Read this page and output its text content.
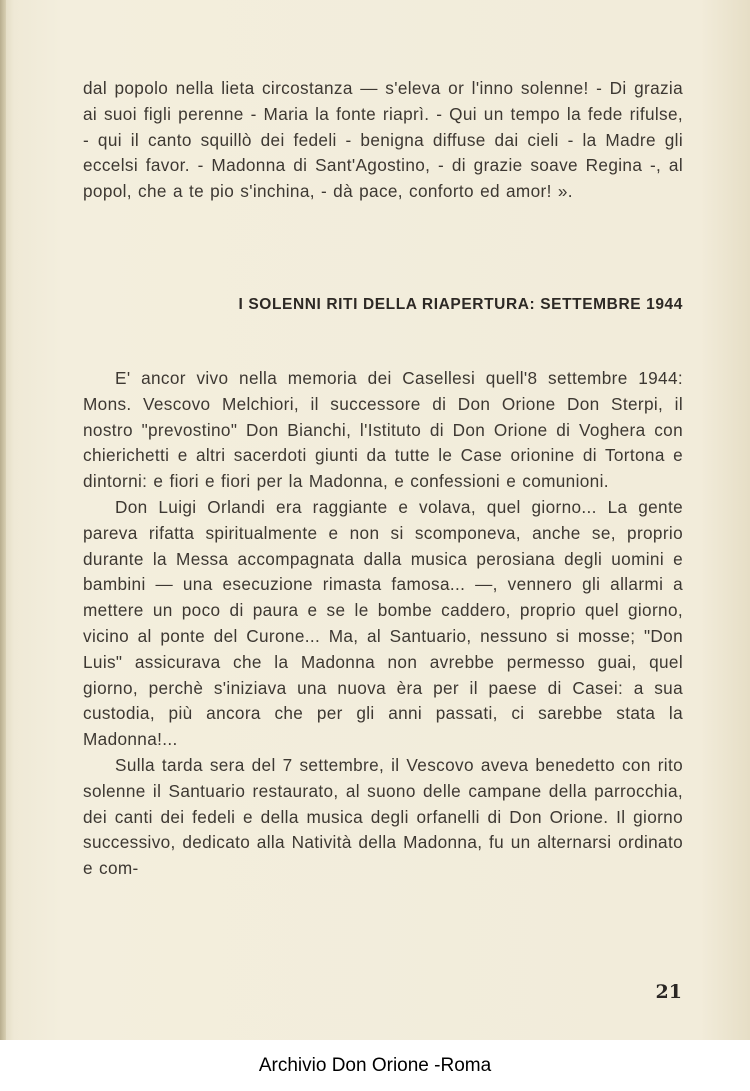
dal popolo nella lieta circostanza — s'eleva or l'inno solenne! - Di grazia ai suoi figli perenne - Maria la fonte riaprì. - Qui un tempo la fede rifulse, - qui il canto squillò dei fedeli - benigna diffuse dai cieli - la Madre gli eccelsi favor. - Madonna di Sant'Agostino, - di grazie soave Regina -, al popol, che a te pio s'inchina, - dà pace, conforto ed amor! ».

I SOLENNI RITI DELLA RIAPERTURA: SETTEMBRE 1944

E' ancor vivo nella memoria dei Casellesi quell'8 settembre 1944: Mons. Vescovo Melchiori, il successore di Don Orione Don Sterpi, il nostro "prevostino" Don Bianchi, l'Istituto di Don Orione di Voghera con chierichetti e altri sacerdoti giunti da tutte le Case orionine di Tortona e dintorni: e fiori e fiori per la Madonna, e confessioni e comunioni.

Don Luigi Orlandi era raggiante e volava, quel giorno... La gente pareva rifatta spiritualmente e non si scomponeva, anche se, proprio durante la Messa accompagnata dalla musica perosiana degli uomini e bambini — una esecuzione rimasta famosa... —, vennero gli allarmi a mettere un poco di paura e se le bombe caddero, proprio quel giorno, vicino al ponte del Curone... Ma, al Santuario, nessuno si mosse; "Don Luis" assicurava che la Madonna non avrebbe permesso guai, quel giorno, perchè s'iniziava una nuova èra per il paese di Casei: a sua custodia, più ancora che per gli anni passati, ci sarebbe stata la Madonna!...

Sulla tarda sera del 7 settembre, il Vescovo aveva benedetto con rito solenne il Santuario restaurato, al suono delle campane della parrocchia, dei canti dei fedeli e della musica degli orfanelli di Don Orione. Il giorno successivo, dedicato alla Natività della Madonna, fu un alternarsi ordinato e com-

21
Archivio Don Orione -Roma
